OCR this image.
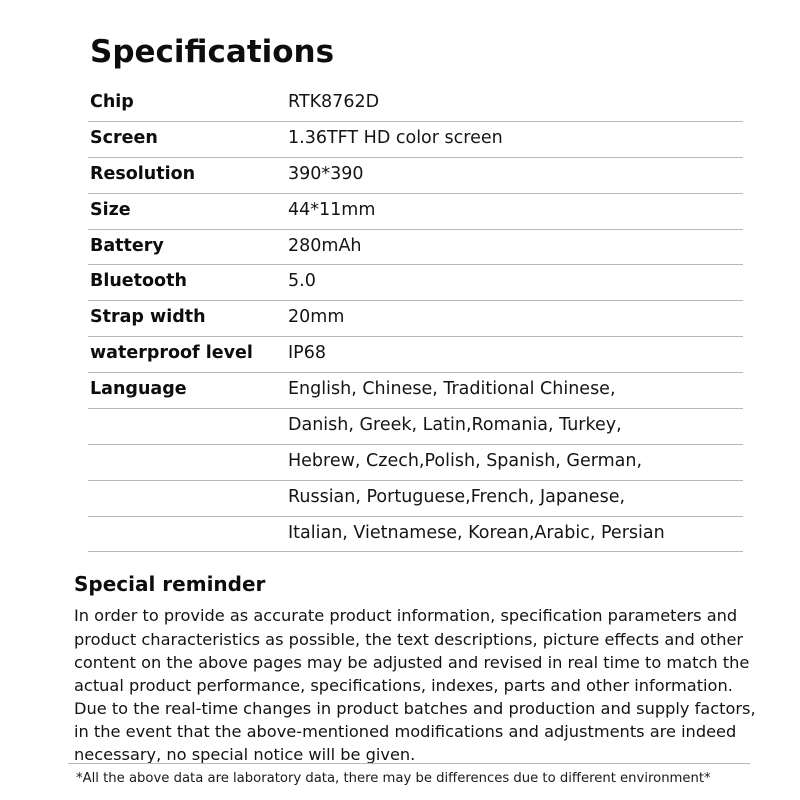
Specifications
Chip	RTK8762D
Screen	1.36TFT HD color screen
Resolution	390*390
Size	44*11mm
Battery	280mAh
Bluetooth	5.0
Strap width	20mm
waterproof level	IP68
Language	English, Chinese, Traditional Chinese,
	Danish, Greek, Latin,Romania, Turkey,
	Hebrew, Czech,Polish, Spanish, German,
	Russian, Portuguese,French, Japanese,
	Italian, Vietnamese, Korean,Arabic, Persian
Special reminder

In order to provide as accurate product information, specification parameters and product characteristics as possible, the text descriptions, picture effects and other content on the above pages may be adjusted and revised in real time to match the actual product performance, specifications, indexes, parts and other information. Due to the real-time changes in product batches and production and supply factors, in the event that the above-mentioned modifications and adjustments are indeed necessary, no special notice will be given.

*All the above data are laboratory data, there may be differences due to different environment*
